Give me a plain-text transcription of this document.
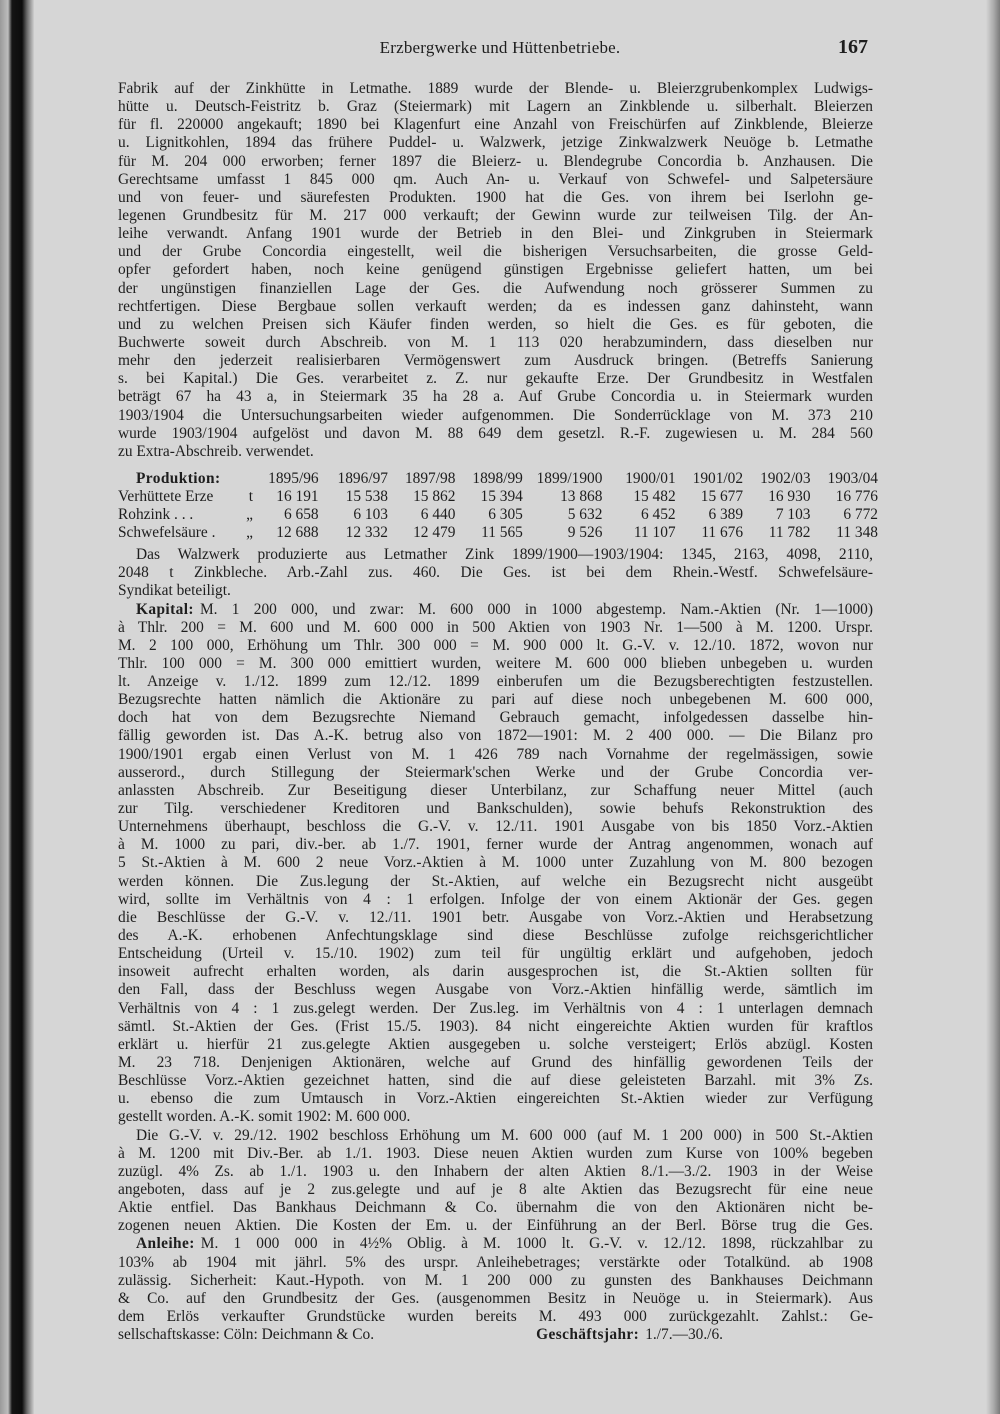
Erzbergwerke und Hüttenbetriebe.	167
Fabrik auf der Zinkhütte in Letmathe. 1889 wurde der Blende- u. Bleierzgrubenkomplex Ludwigs-
hütte u. Deutsch-Feistritz b. Graz (Steiermark) mit Lagern an Zinkblende u. silberhalt. Bleierzen
für fl. 220000 angekauft; 1890 bei Klagenfurt eine Anzahl von Freischürfen auf Zinkblende, Bleierze
u. Lignitkohlen, 1894 das frühere Puddel- u. Walzwerk, jetzige Zinkwalzwerk Neuöge b. Letmathe
für M. 204 000 erworben; ferner 1897 die Bleierz- u. Blendegrube Concordia b. Anzhausen. Die
Gerechtsame umfasst 1 845 000 qm. Auch An- u. Verkauf von Schwefel- und Salpetersäure
und von feuer- und säurefesten Produkten. 1900 hat die Ges. von ihrem bei Iserlohn ge-
legenen Grundbesitz für M. 217 000 verkauft; der Gewinn wurde zur teilweisen Tilg. der An-
leihe verwandt. Anfang 1901 wurde der Betrieb in den Blei- und Zinkgruben in Steiermark
und der Grube Concordia eingestellt, weil die bisherigen Versuchsarbeiten, die grosse Geld-
opfer gefordert haben, noch keine genügend günstigen Ergebnisse geliefert hatten, um bei
der ungünstigen finanziellen Lage der Ges. die Aufwendung noch grösserer Summen zu
rechtfertigen. Diese Bergbaue sollen verkauft werden; da es indessen ganz dahinsteht, wann
und zu welchen Preisen sich Käufer finden werden, so hielt die Ges. es für geboten, die
Buchwerte soweit durch Abschreib. von M. 1 113 020 herabzumindern, dass dieselben nur
mehr den jederzeit realisierbaren Vermögenswert zum Ausdruck bringen. (Betreffs Sanierung
s. bei Kapital.) Die Ges. verarbeitet z. Z. nur gekaufte Erze. Der Grundbesitz in Westfalen
beträgt 67 ha 43 a, in Steiermark 35 ha 28 a. Auf Grube Concordia u. in Steiermark wurden
1903/1904 die Untersuchungsarbeiten wieder aufgenommen. Die Sonderrücklage von M. 373 210
wurde 1903/1904 aufgelöst und davon M. 88 649 dem gesetzl. R.-F. zugewiesen u. M. 284 560
zu Extra-Abschreib. verwendet.
Produktion:		1895/96	1896/97	1897/98	1898/99	1899/1900	1900/01	1901/02	1902/03	1903/04
Verhüttete Erze	t	16 191	15 538	15 862	15 394	13 868	15 482	15 677	16 930	16 776
Rohzink . . .	„	6 658	6 103	6 440	6 305	5 632	6 452	6 389	7 103	6 772
Schwefelsäure .	„	12 688	12 332	12 479	11 565	9 526	11 107	11 676	11 782	11 348
Das Walzwerk produzierte aus Letmather Zink 1899/1900—1903/1904: 1345, 2163, 4098, 2110,
2048 t Zinkbleche. Arb.-Zahl zus. 460. Die Ges. ist bei dem Rhein.-Westf. Schwefelsäure-
Syndikat beteiligt.
Kapital: M. 1 200 000, und zwar: M. 600 000 in 1000 abgestemp. Nam.-Aktien (Nr. 1—1000)
à Thlr. 200 = M. 600 und M. 600 000 in 500 Aktien von 1903 Nr. 1—500 à M. 1200. Urspr.
M. 2 100 000, Erhöhung um Thlr. 300 000 = M. 900 000 lt. G.-V. v. 12./10. 1872, wovon nur
Thlr. 100 000 = M. 300 000 emittiert wurden, weitere M. 600 000 blieben unbegeben u. wurden
lt. Anzeige v. 1./12. 1899 zum 12./12. 1899 einberufen um die Bezugsberechtigten festzustellen.
Bezugsrechte hatten nämlich die Aktionäre zu pari auf diese noch unbegebenen M. 600 000,
doch hat von dem Bezugsrechte Niemand Gebrauch gemacht, infolgedessen dasselbe hin-
fällig geworden ist. Das A.-K. betrug also von 1872—1901: M. 2 400 000. — Die Bilanz pro
1900/1901 ergab einen Verlust von M. 1 426 789 nach Vornahme der regelmässigen, sowie
ausserord., durch Stillegung der Steiermark'schen Werke und der Grube Concordia ver-
anlassten Abschreib. Zur Beseitigung dieser Unterbilanz, zur Schaffung neuer Mittel (auch
zur Tilg. verschiedener Kreditoren und Bankschulden), sowie behufs Rekonstruktion des
Unternehmens überhaupt, beschloss die G.-V. v. 12./11. 1901 Ausgabe von bis 1850 Vorz.-Aktien
à M. 1000 zu pari, div.-ber. ab 1./7. 1901, ferner wurde der Antrag angenommen, wonach auf
5 St.-Aktien à M. 600 2 neue Vorz.-Aktien à M. 1000 unter Zuzahlung von M. 800 bezogen
werden können. Die Zus.legung der St.-Aktien, auf welche ein Bezugsrecht nicht ausgeübt
wird, sollte im Verhältnis von 4 : 1 erfolgen. Infolge der von einem Aktionär der Ges. gegen
die Beschlüsse der G.-V. v. 12./11. 1901 betr. Ausgabe von Vorz.-Aktien und Herabsetzung
des A.-K. erhobenen Anfechtungsklage sind diese Beschlüsse zufolge reichsgerichtlicher
Entscheidung (Urteil v. 15./10. 1902) zum teil für ungültig erklärt und aufgehoben, jedoch
insoweit aufrecht erhalten worden, als darin ausgesprochen ist, die St.-Aktien sollten für
den Fall, dass der Beschluss wegen Ausgabe von Vorz.-Aktien hinfällig werde, sämtlich im
Verhältnis von 4 : 1 zus.gelegt werden. Der Zus.leg. im Verhältnis von 4 : 1 unterlagen demnach
sämtl. St.-Aktien der Ges. (Frist 15./5. 1903). 84 nicht eingereichte Aktien wurden für kraftlos
erklärt u. hierfür 21 zus.gelegte Aktien ausgegeben u. solche versteigert; Erlös abzügl. Kosten
M. 23 718. Denjenigen Aktionären, welche auf Grund des hinfällig gewordenen Teils der
Beschlüsse Vorz.-Aktien gezeichnet hatten, sind die auf diese geleisteten Barzahl. mit 3% Zs.
u. ebenso die zum Umtausch in Vorz.-Aktien eingereichten St.-Aktien wieder zur Verfügung
gestellt worden. A.-K. somit 1902: M. 600 000.
Die G.-V. v. 29./12. 1902 beschloss Erhöhung um M. 600 000 (auf M. 1 200 000) in 500 St.-Aktien
à M. 1200 mit Div.-Ber. ab 1./1. 1903. Diese neuen Aktien wurden zum Kurse von 100% begeben
zuzügl. 4% Zs. ab 1./1. 1903 u. den Inhabern der alten Aktien 8./1.—3./2. 1903 in der Weise
angeboten, dass auf je 2 zus.gelegte und auf je 8 alte Aktien das Bezugsrecht für eine neue
Aktie entfiel. Das Bankhaus Deichmann & Co. übernahm die von den Aktionären nicht be-
zogenen neuen Aktien. Die Kosten der Em. u. der Einführung an der Berl. Börse trug die Ges.
Anleihe: M. 1 000 000 in 4½% Oblig. à M. 1000 lt. G.-V. v. 12./12. 1898, rückzahlbar zu
103% ab 1904 mit jährl. 5% des urspr. Anleihebetrages; verstärkte oder Totalkünd. ab 1908
zulässig. Sicherheit: Kaut.-Hypoth. von M. 1 200 000 zu gunsten des Bankhauses Deichmann
& Co. auf den Grundbesitz der Ges. (ausgenommen Besitz in Neuöge u. in Steiermark). Aus
dem Erlös verkaufter Grundstücke wurden bereits M. 493 000 zurückgezahlt. Zahlst.: Ge-
sellschaftskasse: Cöln: Deichmann & Co.	Geschäftsjahr: 1./7.—30./6.
